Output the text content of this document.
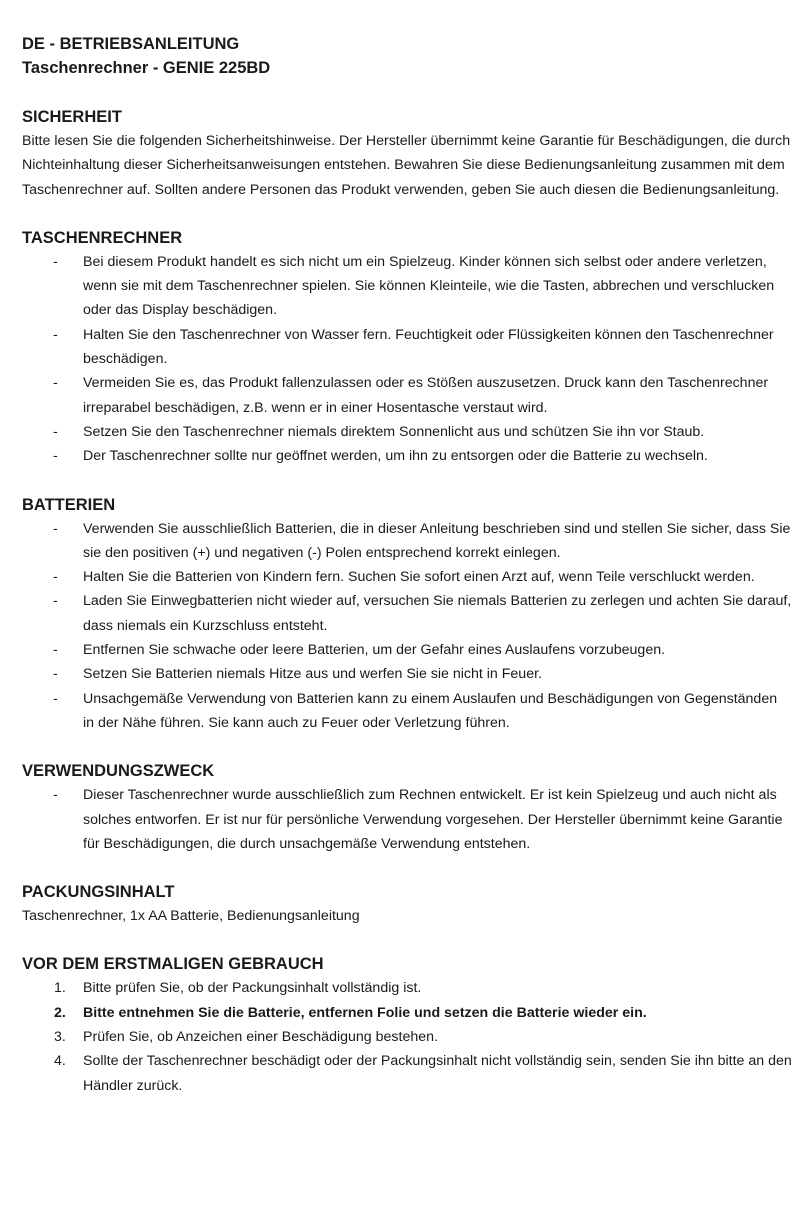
DE - BETRIEBSANLEITUNG

Taschenrechner - GENIE 225BD

SICHERHEIT

Bitte lesen Sie die folgenden Sicherheitshinweise. Der Hersteller übernimmt keine Garantie für Beschädigungen, die durch Nichteinhaltung dieser Sicherheitsanweisungen entstehen. Bewahren Sie diese Bedienungsanleitung zusammen mit dem Taschenrechner auf. Sollten andere Personen das Produkt verwenden, geben Sie auch diesen die Bedienungsanleitung.

TASCHENRECHNER

-	Bei diesem Produkt handelt es sich nicht um ein Spielzeug. Kinder können sich selbst oder andere verletzen, wenn sie mit dem Taschenrechner spielen. Sie können Kleinteile, wie die Tasten, abbrechen und verschlucken oder das Display beschädigen.
-	Halten Sie den Taschenrechner von Wasser fern. Feuchtigkeit oder Flüssigkeiten können den Taschenrechner beschädigen.
-	Vermeiden Sie es, das Produkt fallenzulassen oder es Stößen auszusetzen. Druck kann den Taschenrechner irreparabel beschädigen, z.B. wenn er in einer Hosentasche verstaut wird.
-	Setzen Sie den Taschenrechner niemals direktem Sonnenlicht aus und schützen Sie ihn vor Staub.
-	Der Taschenrechner sollte nur geöffnet werden, um ihn zu entsorgen oder die Batterie zu wechseln.

BATTERIEN

-	Verwenden Sie ausschließlich Batterien, die in dieser Anleitung beschrieben sind und stellen Sie sicher, dass Sie sie den positiven (+) und negativen (-) Polen entsprechend korrekt einlegen.
-	Halten Sie die Batterien von Kindern fern. Suchen Sie sofort einen Arzt auf, wenn Teile verschluckt werden.
-	Laden Sie Einwegbatterien nicht wieder auf, versuchen Sie niemals Batterien zu zerlegen und achten Sie darauf, dass niemals ein Kurzschluss entsteht.
-	Entfernen Sie schwache oder leere Batterien, um der Gefahr eines Auslaufens vorzubeugen.
-	Setzen Sie Batterien niemals Hitze aus und werfen Sie sie nicht in Feuer.
-	Unsachgemäße Verwendung von Batterien kann zu einem Auslaufen und Beschädigungen von Gegenständen in der Nähe führen. Sie kann auch zu Feuer oder Verletzung führen.

VERWENDUNGSZWECK

-	Dieser Taschenrechner wurde ausschließlich zum Rechnen entwickelt. Er ist kein Spielzeug und auch nicht als solches entworfen. Er ist nur für persönliche Verwendung vorgesehen. Der Hersteller übernimmt keine Garantie für Beschädigungen, die durch unsachgemäße Verwendung entstehen.

PACKUNGSINHALT

Taschenrechner, 1x AA Batterie, Bedienungsanleitung

VOR DEM ERSTMALIGEN GEBRAUCH

1.	Bitte prüfen Sie, ob der Packungsinhalt vollständig ist.
2.	Bitte entnehmen Sie die Batterie, entfernen Folie und setzen die Batterie wieder ein.
3.	Prüfen Sie, ob Anzeichen einer Beschädigung bestehen.
4.	Sollte der Taschenrechner beschädigt oder der Packungsinhalt nicht vollständig sein, senden Sie ihn bitte an den Händler zurück.
